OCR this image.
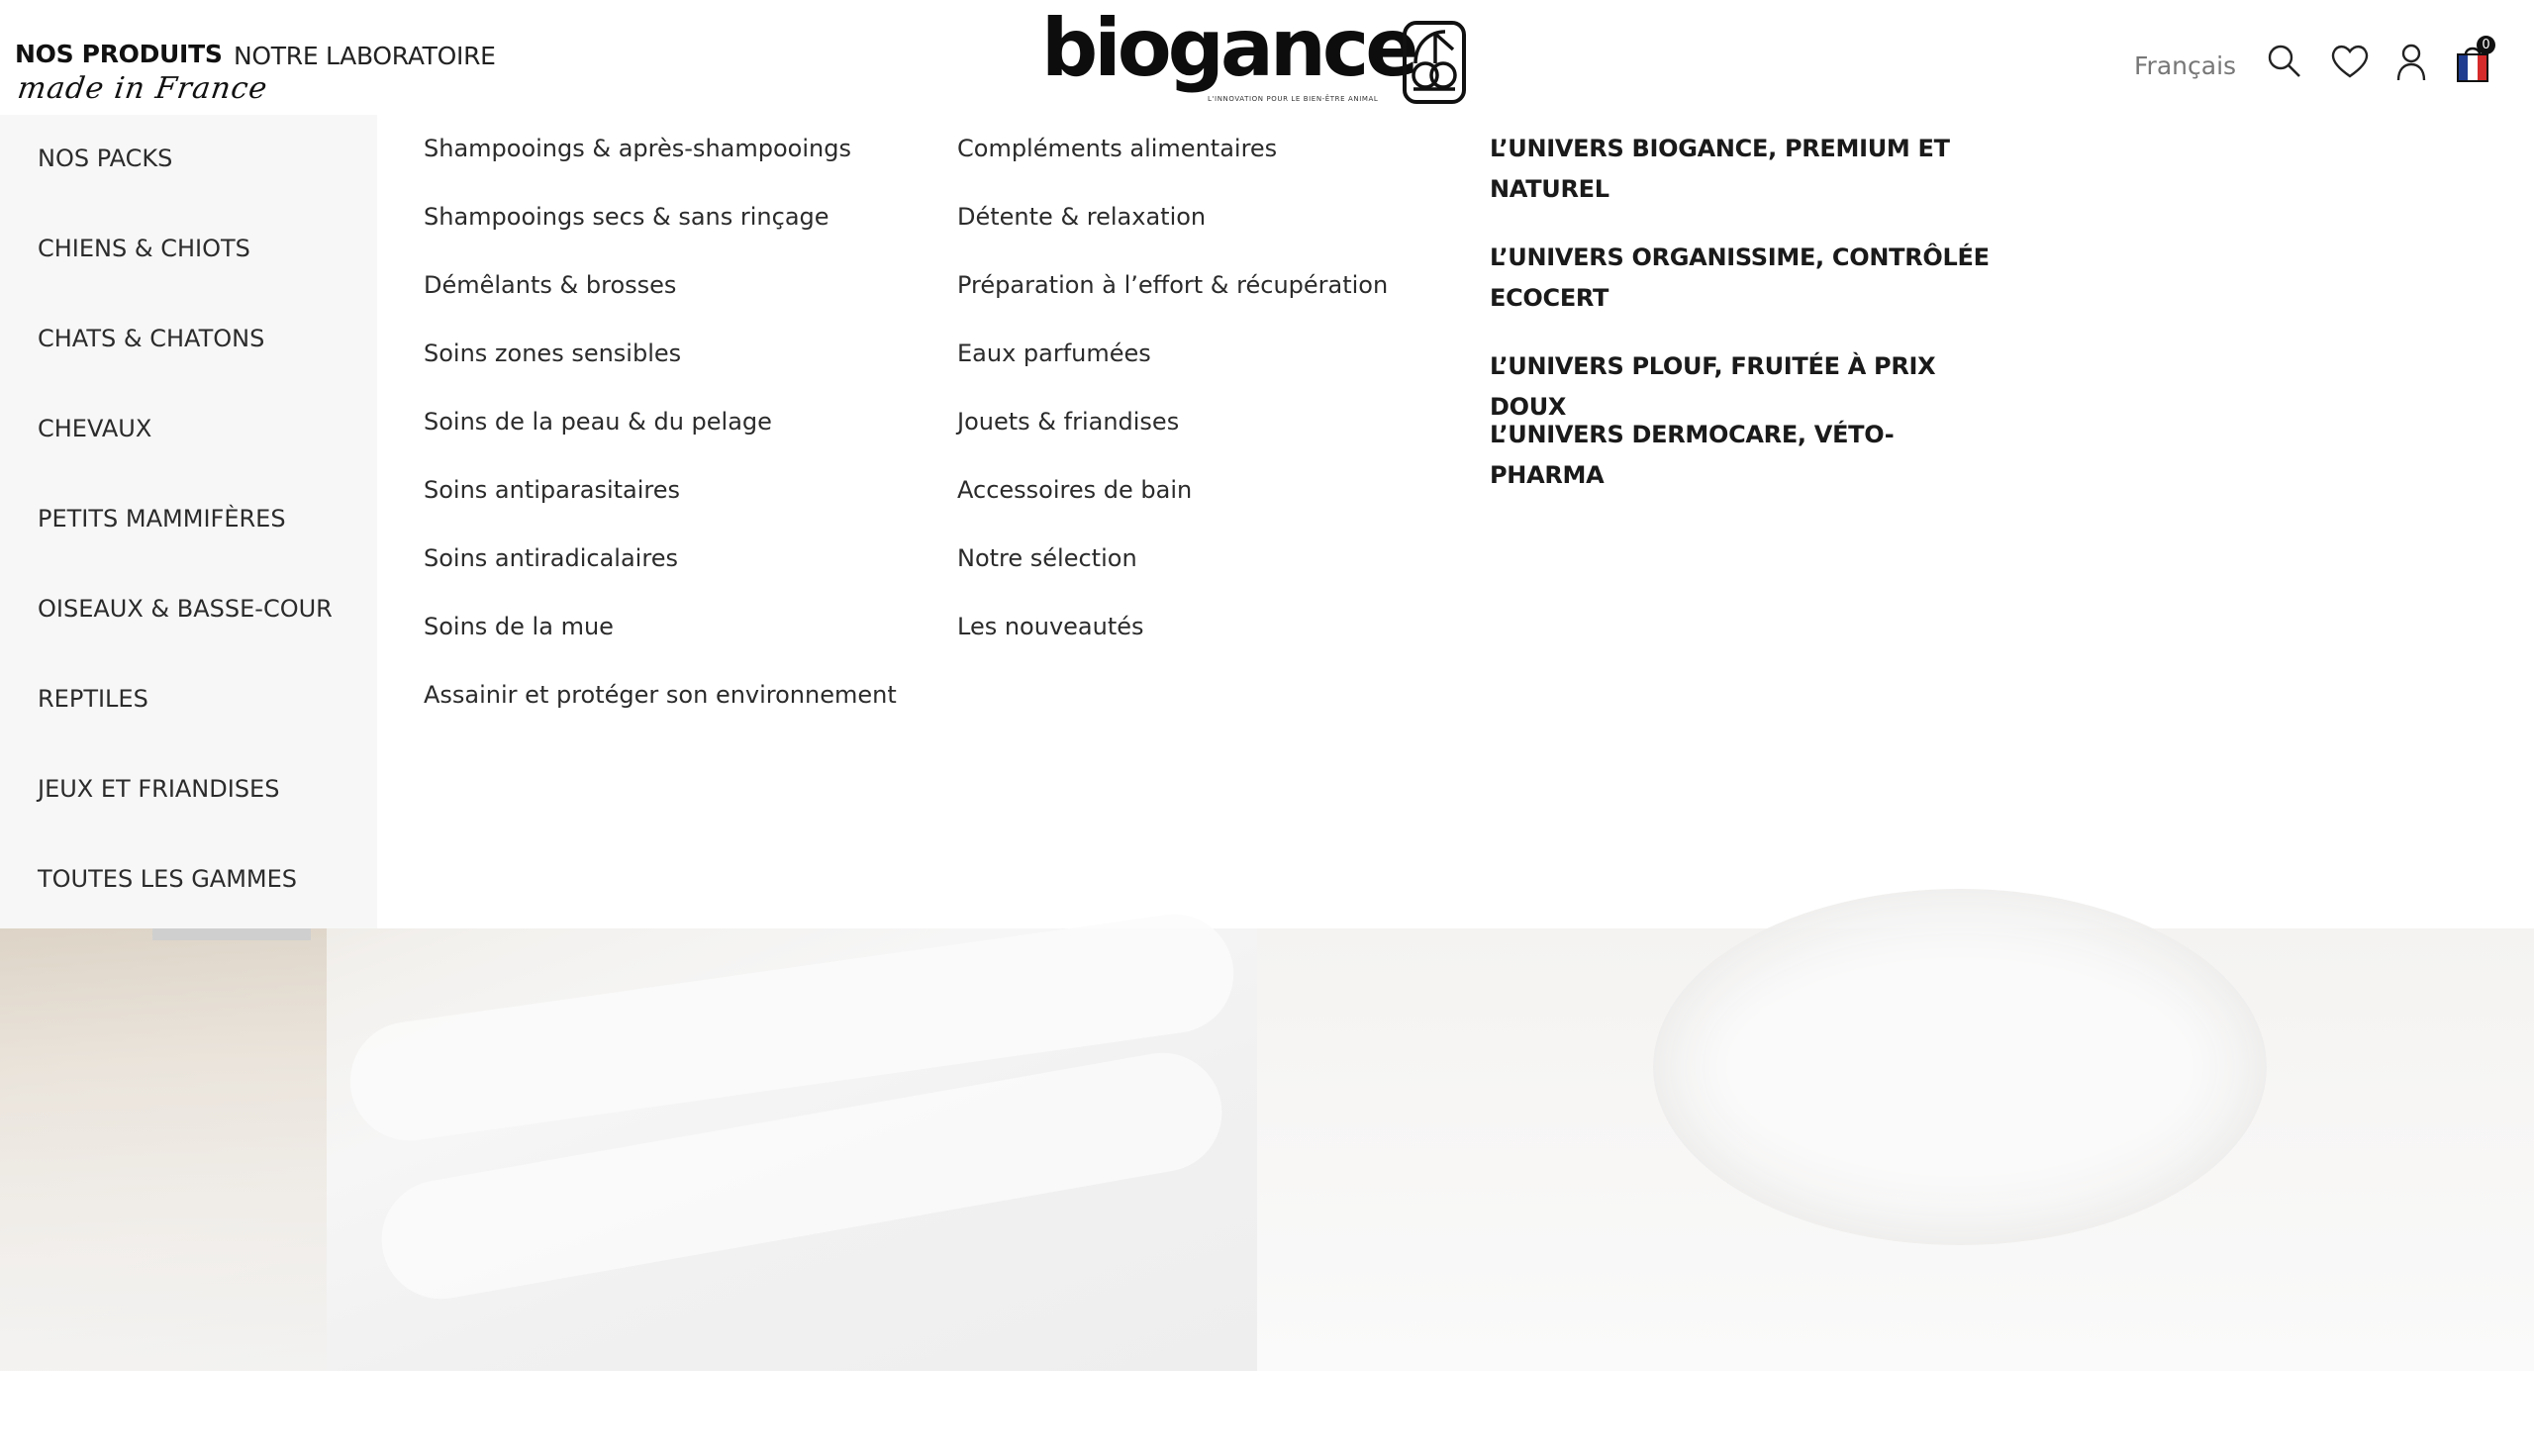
NOS PRODUITS
made in France
NOTRE LABORATOIRE	biogance
L'INNOVATION POUR LE BIEN-ÊTRE ANIMAL
Français
0
NOS PACKS
CHIENS & CHIOTS
CHATS & CHATONS
CHEVAUX
PETITS MAMMIFÈRES
OISEAUX & BASSE-COUR
REPTILES
JEUX ET FRIANDISES
TOUTES LES GAMMES
Shampooings & après-shampooings
Shampooings secs & sans rinçage
Démêlants & brosses
Soins zones sensibles
Soins de la peau & du pelage
Soins antiparasitaires
Soins antiradicalaires
Soins de la mue
Assainir et protéger son environnement
Compléments alimentaires
Détente & relaxation
Préparation à l’effort & récupération
Eaux parfumées
Jouets & friandises
Accessoires de bain
Notre sélection
Les nouveautés
L’UNIVERS BIOGANCE, PREMIUM ET NATUREL
L’UNIVERS ORGANISSIME, CONTRÔLÉE ECOCERT
L’UNIVERS PLOUF, FRUITÉE À PRIX DOUX
L’UNIVERS DERMOCARE, VÉTO-PHARMA
